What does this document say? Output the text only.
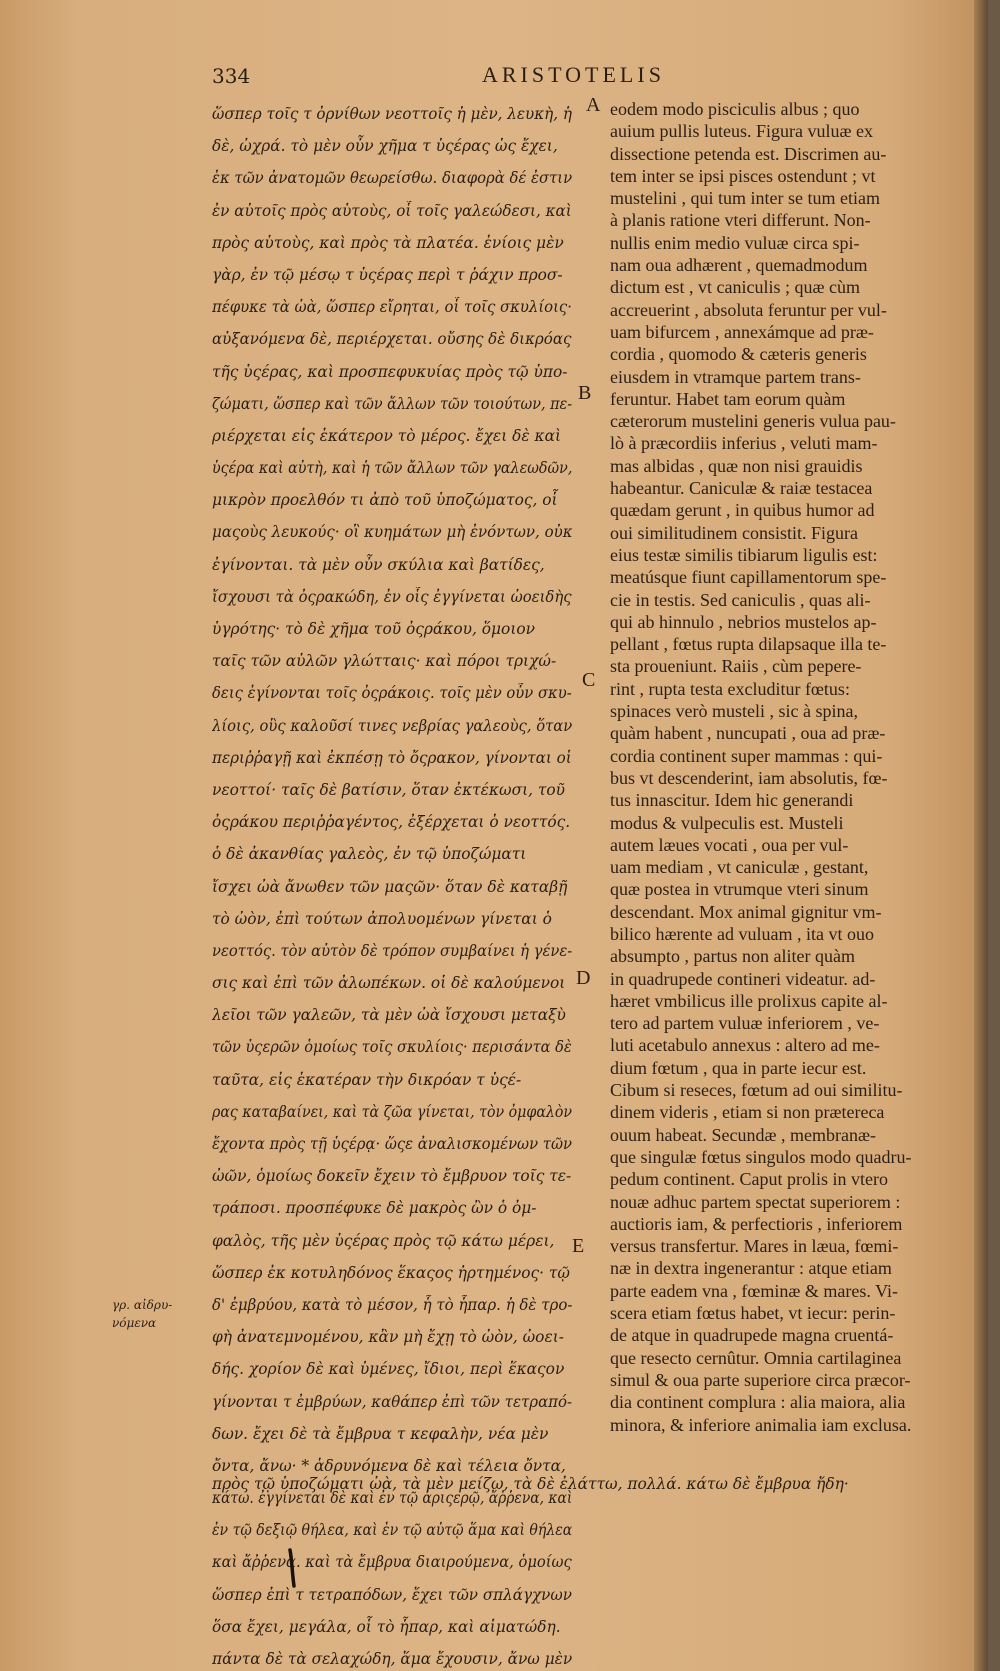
334	ARISTOTELIS
ὥσπερ τοῖς τ ὀρνίθων νεοττοῖς ἡ μὲν, λευκὴ, ἡ
δὲ, ὠχρά. τὸ μὲν οὖν χῆμα τ ὑςέρας ὡς ἔχει,
ἐκ τῶν ἀνατομῶν θεωρείσθω. διαφορὰ δέ ἐστιν
ἐν αὐτοῖς πρὸς αὑτοὺς, οἷ τοῖς γαλεώδεσι, καὶ
πρὸς αὑτοὺς, καὶ πρὸς τὰ πλατέα. ἐνίοις μὲν
γὰρ, ἐν τῷ μέσῳ τ ὑςέρας περὶ τ ῥάχιν προσ-
πέφυκε τὰ ὠὰ, ὥσπερ εἴρηται, οἷ τοῖς σκυλίοις·
αὐξανόμενα δὲ, περιέρχεται. οὔσης δὲ δικρόας
τῆς ὑςέρας, καὶ προσπεφυκυίας πρὸς τῷ ὑπο-
ζώματι, ὥσπερ καὶ τῶν ἄλλων τῶν τοιούτων, πε-
ριέρχεται εἰς ἑκάτερον τὸ μέρος. ἔχει δὲ καὶ
ὑςέρα καὶ αὐτὴ, καὶ ἡ τῶν ἄλλων τῶν γαλεωδῶν,
μικρὸν προελθόν τι ἀπὸ τοῦ ὑποζώματος, οἷ
μαςοὺς λευκούς· οἳ κυημάτων μὴ ἐνόντων, οὐκ
ἐγίνονται. τὰ μὲν οὖν σκύλια καὶ βατίδες,
ἴσχουσι τὰ ὀςρακώδη, ἐν οἷς ἐγγίνεται ὠοειδὴς
ὑγρότης· τὸ δὲ χῆμα τοῦ ὀςράκου, ὅμοιον
ταῖς τῶν αὐλῶν γλώτταις· καὶ πόροι τριχώ-
δεις ἐγίνονται τοῖς ὀςράκοις. τοῖς μὲν οὖν σκυ-
λίοις, οὓς καλοῦσί τινες νεβρίας γαλεοὺς, ὅταν
περιῤῥαγῇ καὶ ἐκπέσῃ τὸ ὄςρακον, γίνονται οἱ
νεοττοί· ταῖς δὲ βατίσιν, ὅταν ἐκτέκωσι, τοῦ
ὀςράκου περιῤῥαγέντος, ἐξέρχεται ὁ νεοττός.
ὁ δὲ ἀκανθίας γαλεὸς, ἐν τῷ ὑποζώματι
ἴσχει ὠὰ ἄνωθεν τῶν μαςῶν· ὅταν δὲ καταβῇ
τὸ ὠὸν, ἐπὶ τούτων ἀπολυομένων γίνεται ὁ
νεοττός. τὸν αὐτὸν δὲ τρόπον συμβαίνει ἡ γένε-
σις καὶ ἐπὶ τῶν ἀλωπέκων. οἱ δὲ καλούμενοι
λεῖοι τῶν γαλεῶν, τὰ μὲν ὠὰ ἴσχουσι μεταξὺ
τῶν ὑςερῶν ὁμοίως τοῖς σκυλίοις· περισάντα δὲ
ταῦτα, εἰς ἑκατέραν τὴν δικρόαν τ ὑςέ-
ρας καταβαίνει, καὶ τὰ ζῶα γίνεται, τὸν ὀμφαλὸν
ἔχοντα πρὸς τῇ ὑςέρᾳ· ὥςε ἀναλισκομένων τῶν
ὠῶν, ὁμοίως δοκεῖν ἔχειν τὸ ἔμβρυον τοῖς τε-
τράποσι. προσπέφυκε δὲ μακρὸς ὢν ὁ ὀμ-
φαλὸς, τῆς μὲν ὑςέρας πρὸς τῷ κάτω μέρει,
ὥσπερ ἐκ κοτυληδόνος ἕκαςος ἠρτημένος· τῷ
δ' ἐμβρύου, κατὰ τὸ μέσον, ἧ τὸ ἧπαρ. ἡ δὲ τρο-
φὴ ἀνατεμνομένου, κἂν μὴ ἔχῃ τὸ ὠὸν, ὠοει-
δής. χορίον δὲ καὶ ὑμένες, ἴδιοι, περὶ ἕκαςον
γίνονται τ ἐμβρύων, καθάπερ ἐπὶ τῶν τετραπό-
δων. ἔχει δὲ τὰ ἔμβρυα τ κεφαλὴν, νέα μὲν
ὄντα, ἄνω· * ἁδρυνόμενα δὲ καὶ τέλεια ὄντα,
κάτω. ἐγγίνεται δὲ καὶ ἐν τῷ ἀριςερῷ, ἄῤῥενα, καὶ
ἐν τῷ δεξιῷ θήλεα, καὶ ἐν τῷ αὐτῷ ἅμα καὶ θήλεα
καὶ ἄῤῥενα. καὶ τὰ ἔμβρυα διαιρούμενα, ὁμοίως
ὥσπερ ἐπὶ τ τετραπόδων, ἔχει τῶν σπλάγχνων
ὅσα ἔχει, μεγάλα, οἷ τὸ ἧπαρ, καὶ αἱματώδη.
πάντα δὲ τὰ σελαχώδη, ἅμα ἔχουσιν, ἄνω μὲν
eodem modo pisciculis albus ; quo
auium pullis luteus. Figura vuluæ ex
dissectione petenda est. Discrimen au-
tem inter se ipsi pisces ostendunt ; vt
mustelini , qui tum inter se tum etiam
à planis ratione vteri differunt. Non-
nullis enim medio vuluæ circa spi-
nam oua adhærent , quemadmodum
dictum est , vt caniculis ; quæ cùm
accreuerint , absoluta feruntur per vul-
uam bifurcem , annexámque ad præ-
cordia , quomodo & cæteris generis
eiusdem in vtramque partem trans-
feruntur. Habet tam eorum quàm
cæterorum mustelini generis vulua pau-
lò à præcordiis inferius , veluti mam-
mas albidas , quæ non nisi grauidis
habeantur. Caniculæ & raiæ testacea
quædam gerunt , in quibus humor ad
oui similitudinem consistit. Figura
eius testæ similis tibiarum ligulis est:
meatúsque fiunt capillamentorum spe-
cie in testis. Sed caniculis , quas ali-
qui ab hinnulo , nebrios mustelos ap-
pellant , fœtus rupta dilapsaque illa te-
sta proueniunt. Raiis , cùm pepere-
rint , rupta testa excluditur fœtus:
spinaces verò musteli , sic à spina,
quàm habent , nuncupati , oua ad præ-
cordia continent super mammas : qui-
bus vt descenderint, iam absolutis, fœ-
tus innascitur. Idem hic generandi
modus & vulpeculis est. Musteli
autem læues vocati , oua per vul-
uam mediam , vt caniculæ , gestant,
quæ postea in vtrumque vteri sinum
descendant. Mox animal gignitur vm-
bilico hærente ad vuluam , ita vt ouo
absumpto , partus non aliter quàm
in quadrupede contineri videatur. ad-
hæret vmbilicus ille prolixus capite al-
tero ad partem vuluæ inferiorem , ve-
luti acetabulo annexus : altero ad me-
dium fœtum , qua in parte iecur est.
Cibum si reseces, fœtum ad oui similitu-
dinem videris , etiam si non prætereca
ouum habeat. Secundæ , membranæ-
que singulæ fœtus singulos modo quadru-
pedum continent. Caput prolis in vtero
nouæ adhuc partem spectat superiorem :
auctioris iam, & perfectioris , inferiorem
versus transfertur. Mares in læua, fœmi-
næ in dextra ingenerantur : atque etiam
parte eadem vna , fœminæ & mares. Vi-
scera etiam fœtus habet, vt iecur: perin-
de atque in quadrupede magna cruentá-
que resecto cernûtur. Omnia cartilaginea
simul & oua parte superiore circa præcor-
dia continent complura : alia maiora, alia
minora, & inferiore animalia iam exclusa.
A
B
C
D
E
γρ. αἰδρυ-
νόμενα
πρὸς τῷ ὑποζώματι ὠὰ, τὰ μὲν μείζω, τὰ δὲ ἐλάττω, πολλά. κάτω δὲ ἔμβρυα ἤδη·
